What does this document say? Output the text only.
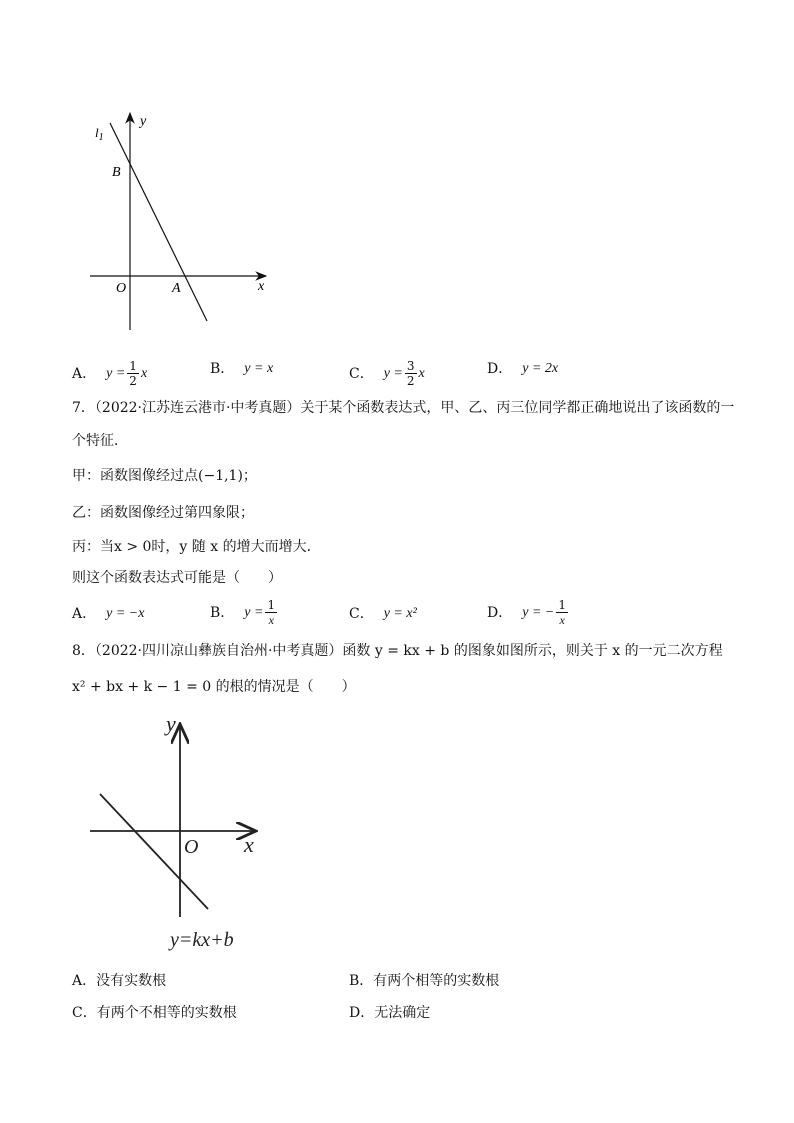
$l_1$
y
x
O	A
B
A． $y = \frac{1}{2}$ x	B． y = x	C． $y = \frac{3}{2}$ x	D． y = 2x
7．（2022·江苏连云港市·中考真题）关于某个函数表达式，甲、乙、丙三位同学都正确地说出了该函数的一
个特征．
甲：函数图像经过点(−1,1)；
乙：函数图像经过第四象限；
丙：当x > 0时，y 随 x 的增大而增大．
则这个函数表达式可能是（　　）
A． y = −x	B． $y = \frac{1}{x}$	C． y = x²	D． y = − $\frac{1}{x}$
8．（2022·四川凉山彝族自治州·中考真题）函数 y = kx + b 的图象如图所示，则关于 x 的一元二次方程
x² + bx + k − 1 = 0 的根的情况是（　　）
y
x
O
y=kx+b
A．没有实数根	B．有两个相等的实数根
C．有两个不相等的实数根	D．无法确定
